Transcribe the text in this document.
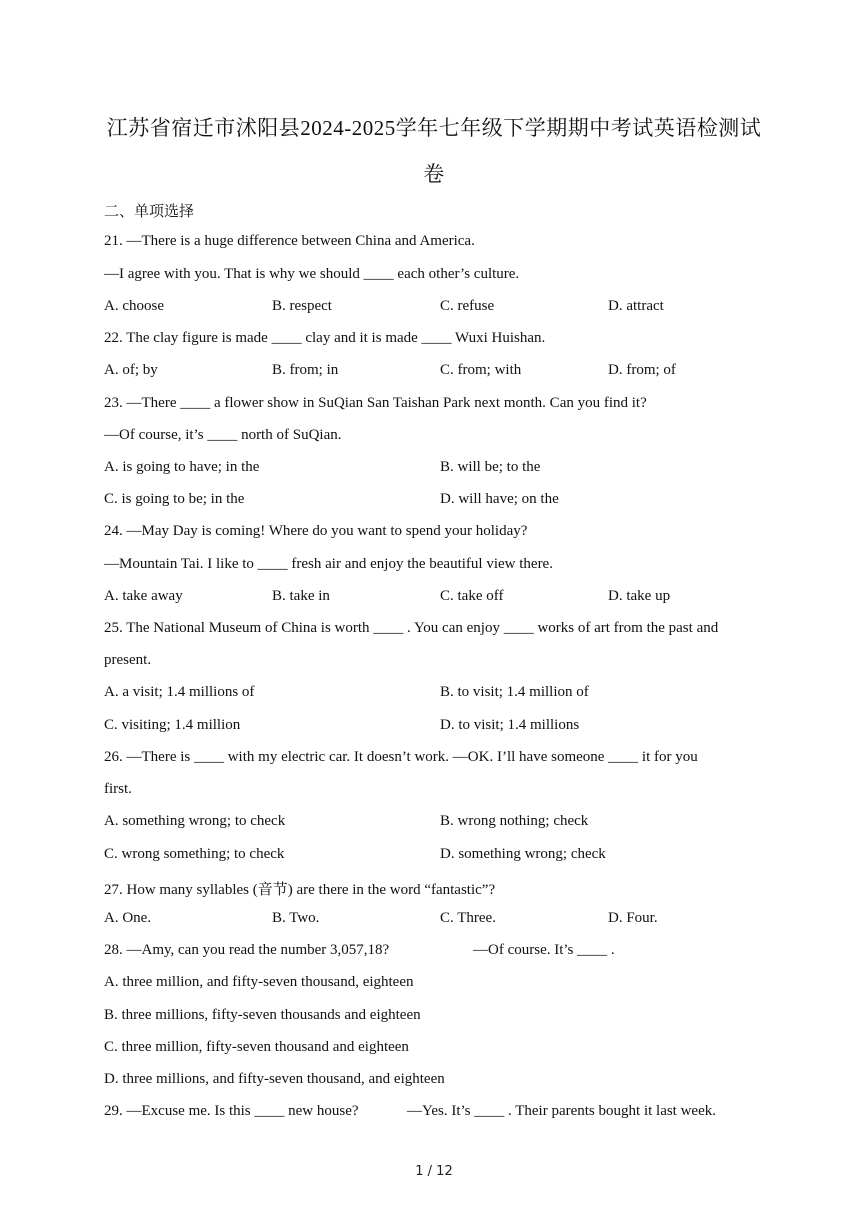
江苏省宿迁市沭阳县2024-2025学年七年级下学期期中考试英语检测试
卷
二、单项选择
21. —There is a huge difference between China and America.
—I agree with you. That is why we should ____ each other’s culture.
A. choose	B. respect	C. refuse	D. attract
22. The clay figure is made ____ clay and it is made ____ Wuxi Huishan.
A. of; by	B. from; in	C. from; with	D. from; of
23. —There ____ a flower show in SuQian San Taishan Park next month. Can you find it?
—Of course, it’s ____ north of SuQian.
A. is going to have; in the	B. will be; to the
C. is going to be; in the	D. will have; on the
24. —May Day is coming! Where do you want to spend your holiday?
—Mountain Tai. I like to ____ fresh air and enjoy the beautiful view there.
A. take away	B. take in	C. take off	D. take up
25. The National Museum of China is worth ____ . You can enjoy ____ works of art from the past and
present.
A. a visit; 1.4 millions of	B. to visit; 1.4 million of
C. visiting; 1.4 million	D. to visit; 1.4 millions
26. —There is ____ with my electric car. It doesn’t work. —OK. I’ll have someone ____ it for you
first.
A. something wrong; to check	B. wrong nothing; check
C. wrong something; to check	D. something wrong; check
27. How many syllables (音节) are there in the word “fantastic”?
A. One.	B. Two.	C. Three.	D. Four.
28. —Amy, can you read the number 3,057,18?	—Of course. It’s ____ .
A. three million, and fifty-seven thousand, eighteen
B. three millions, fifty-seven thousands and eighteen
C. three million, fifty-seven thousand and eighteen
D. three millions, and fifty-seven thousand, and eighteen
29. —Excuse me. Is this ____ new house?	—Yes. It’s ____ . Their parents bought it last week.
1 / 12
